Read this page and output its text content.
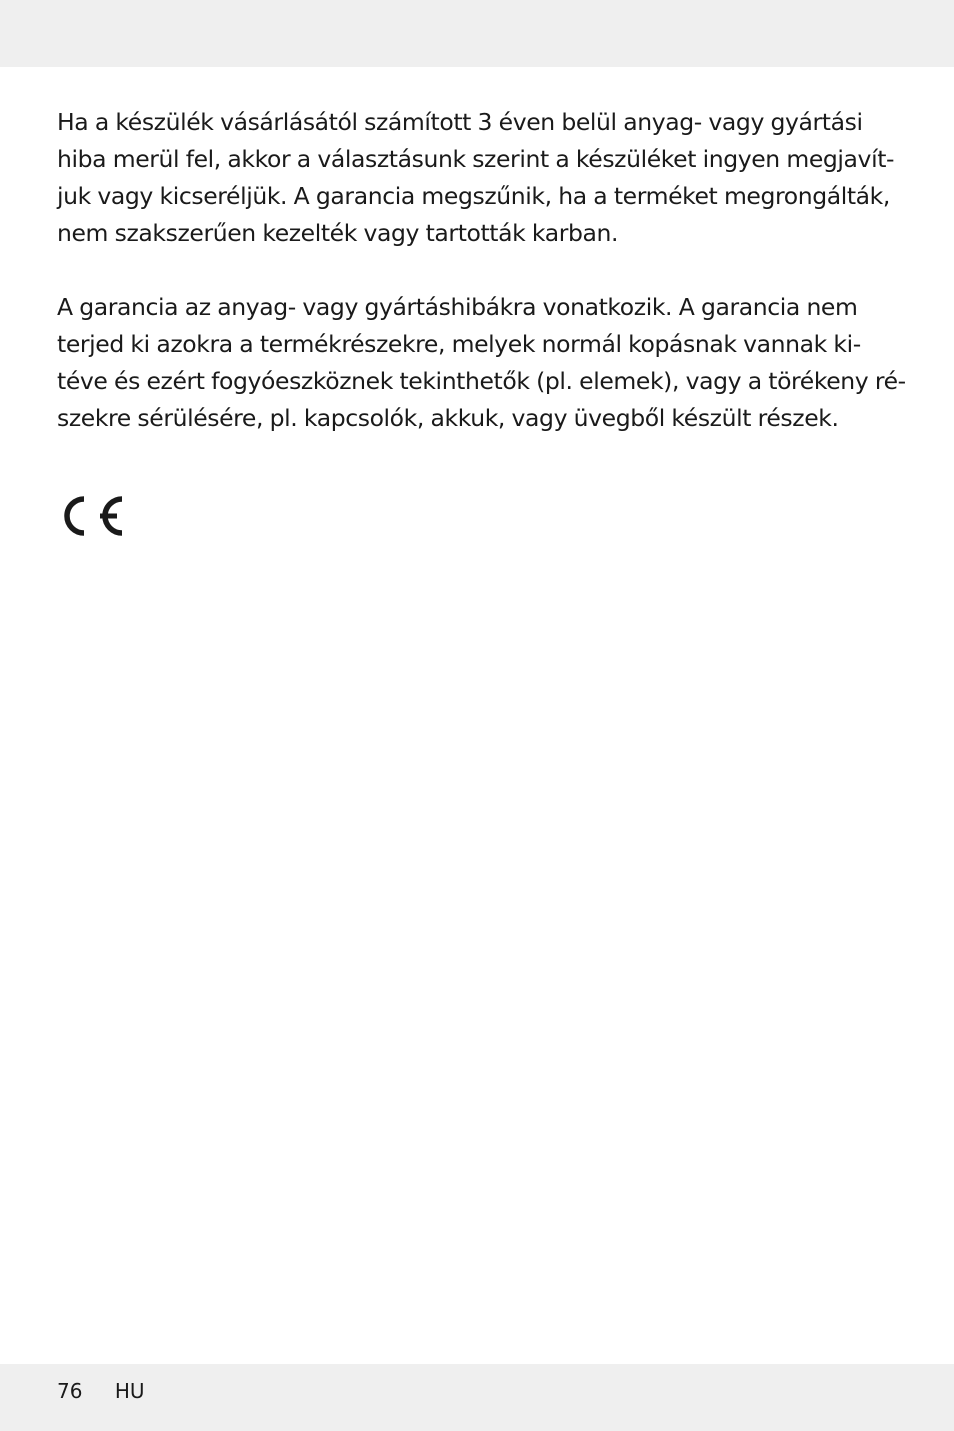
Ha a készülék vásárlásától számított 3 éven belül anyag- vagy gyártási
hiba merül fel, akkor a választásunk szerint a készüléket ingyen megjavít-
juk vagy kicseréljük. A garancia megszűnik, ha a terméket megrongálták,
nem szakszerűen kezelték vagy tartották karban.

A garancia az anyag- vagy gyártáshibákra vonatkozik. A garancia nem
terjed ki azokra a termékrészekre, melyek normál kopásnak vannak ki-
téve és ezért fogyóeszköznek tekinthetők (pl. elemek), vagy a törékeny ré-
szekre sérülésére, pl. kapcsolók, akkuk, vagy üvegből készült részek.

76 HU
